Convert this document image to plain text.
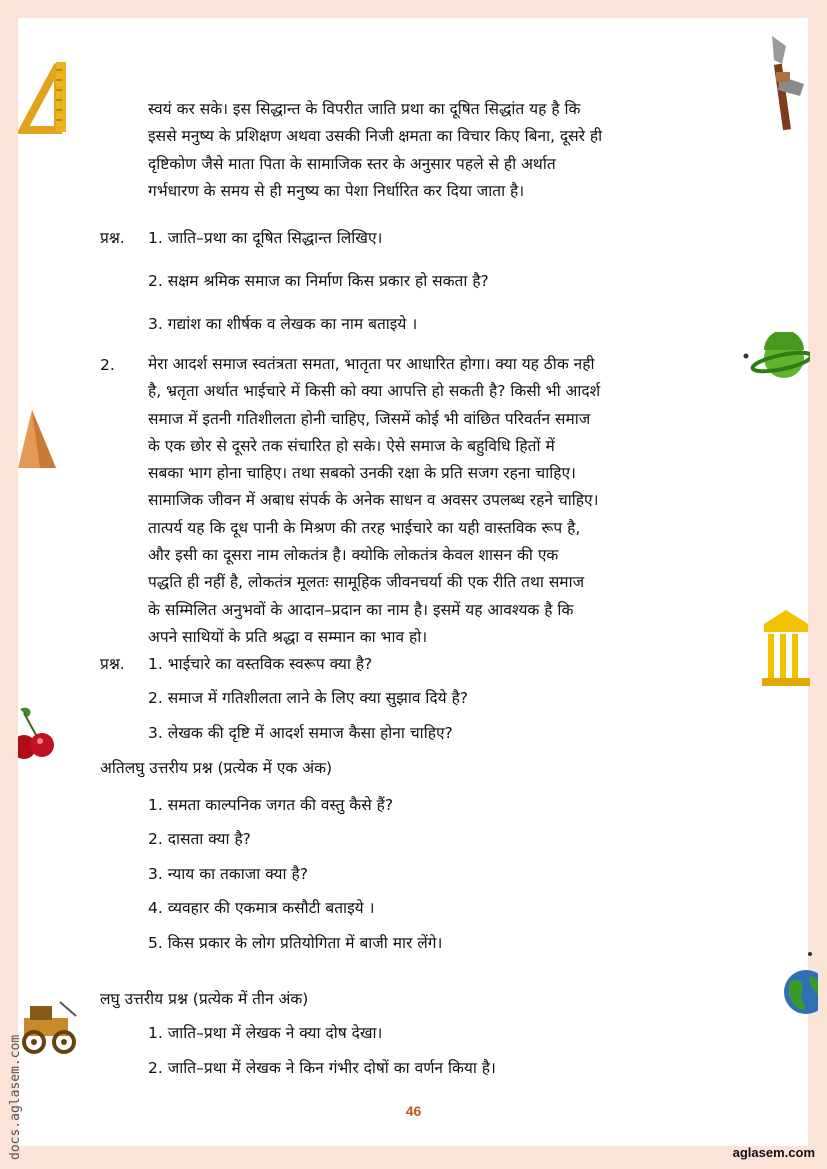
स्वयं कर सके। इस सिद्धान्त के विपरीत जाति प्रथा का दूषित सिद्धांत यह है कि
इससे मनुष्य के प्रशिक्षण अथवा उसकी निजी क्षमता का विचार किए बिना, दूसरे ही
दृष्टिकोण जैसे माता पिता के सामाजिक स्तर के अनुसार पहले से ही अर्थात
गर्भधारण के समय से ही मनुष्य का पेशा निर्धारित कर दिया जाता है।
प्रश्न. 1. जाति–प्रथा का दूषित सिद्धान्त लिखिए।
2. सक्षम श्रमिक समाज का निर्माण किस प्रकार हो सकता है?
3. गद्यांश का शीर्षक व लेखक का नाम बताइये ।
2. मेरा आदर्श समाज स्वतंत्रता समता, भातृता पर आधारित होगा। क्या यह ठीक नही
है, भ्रतृता अर्थात भाईचारे में किसी को क्या आपत्ति हो सकती है? किसी भी आदर्श
समाज में इतनी गतिशीलता होनी चाहिए, जिसमें कोई भी वांछित परिवर्तन समाज
के एक छोर से दूसरे तक संचारित हो सके। ऐसे समाज के बहुविधि हितों में
सबका भाग होना चाहिए। तथा सबको उनकी रक्षा के प्रति सजग रहना चाहिए।
सामाजिक जीवन में अबाध संपर्क के अनेक साधन व अवसर उपलब्ध रहने चाहिए।
तात्पर्य यह कि दूध पानी के मिश्रण की तरह भाईचारे का यही वास्तविक रूप है,
और इसी का दूसरा नाम लोकतंत्र है। क्योकि लोकतंत्र केवल शासन की एक
पद्धति ही नहीं है, लोकतंत्र मूलतः सामूहिक जीवनचर्या की एक रीति तथा समाज
के सम्मिलित अनुभवों के आदान–प्रदान का नाम है। इसमें यह आवश्यक है कि
अपने साथियों के प्रति श्रद्धा व सम्मान का भाव हो।
प्रश्न. 1. भाईचारे का वस्तविक स्वरूप क्या है?
2. समाज में गतिशीलता लाने के लिए क्या सुझाव दिये है?
3. लेखक की दृष्टि में आदर्श समाज कैसा होना चाहिए?
अतिलघु उत्तरीय प्रश्न (प्रत्येक में एक अंक)
1. समता काल्पनिक जगत की वस्तु कैसे हैं?
2. दासता क्या है?
3. न्याय का तकाजा क्या है?
4. व्यवहार की एकमात्र कसौटी बताइये ।
5. किस प्रकार के लोग प्रतियोगिता में बाजी मार लेंगे।
लघु उत्तरीय प्रश्न (प्रत्येक में तीन अंक)
1. जाति–प्रथा में लेखक ने क्या दोष देखा।
2. जाति–प्रथा में लेखक ने किन गंभीर दोषों का वर्णन किया है।
46
aglasem.com
docs.aglasem.com
